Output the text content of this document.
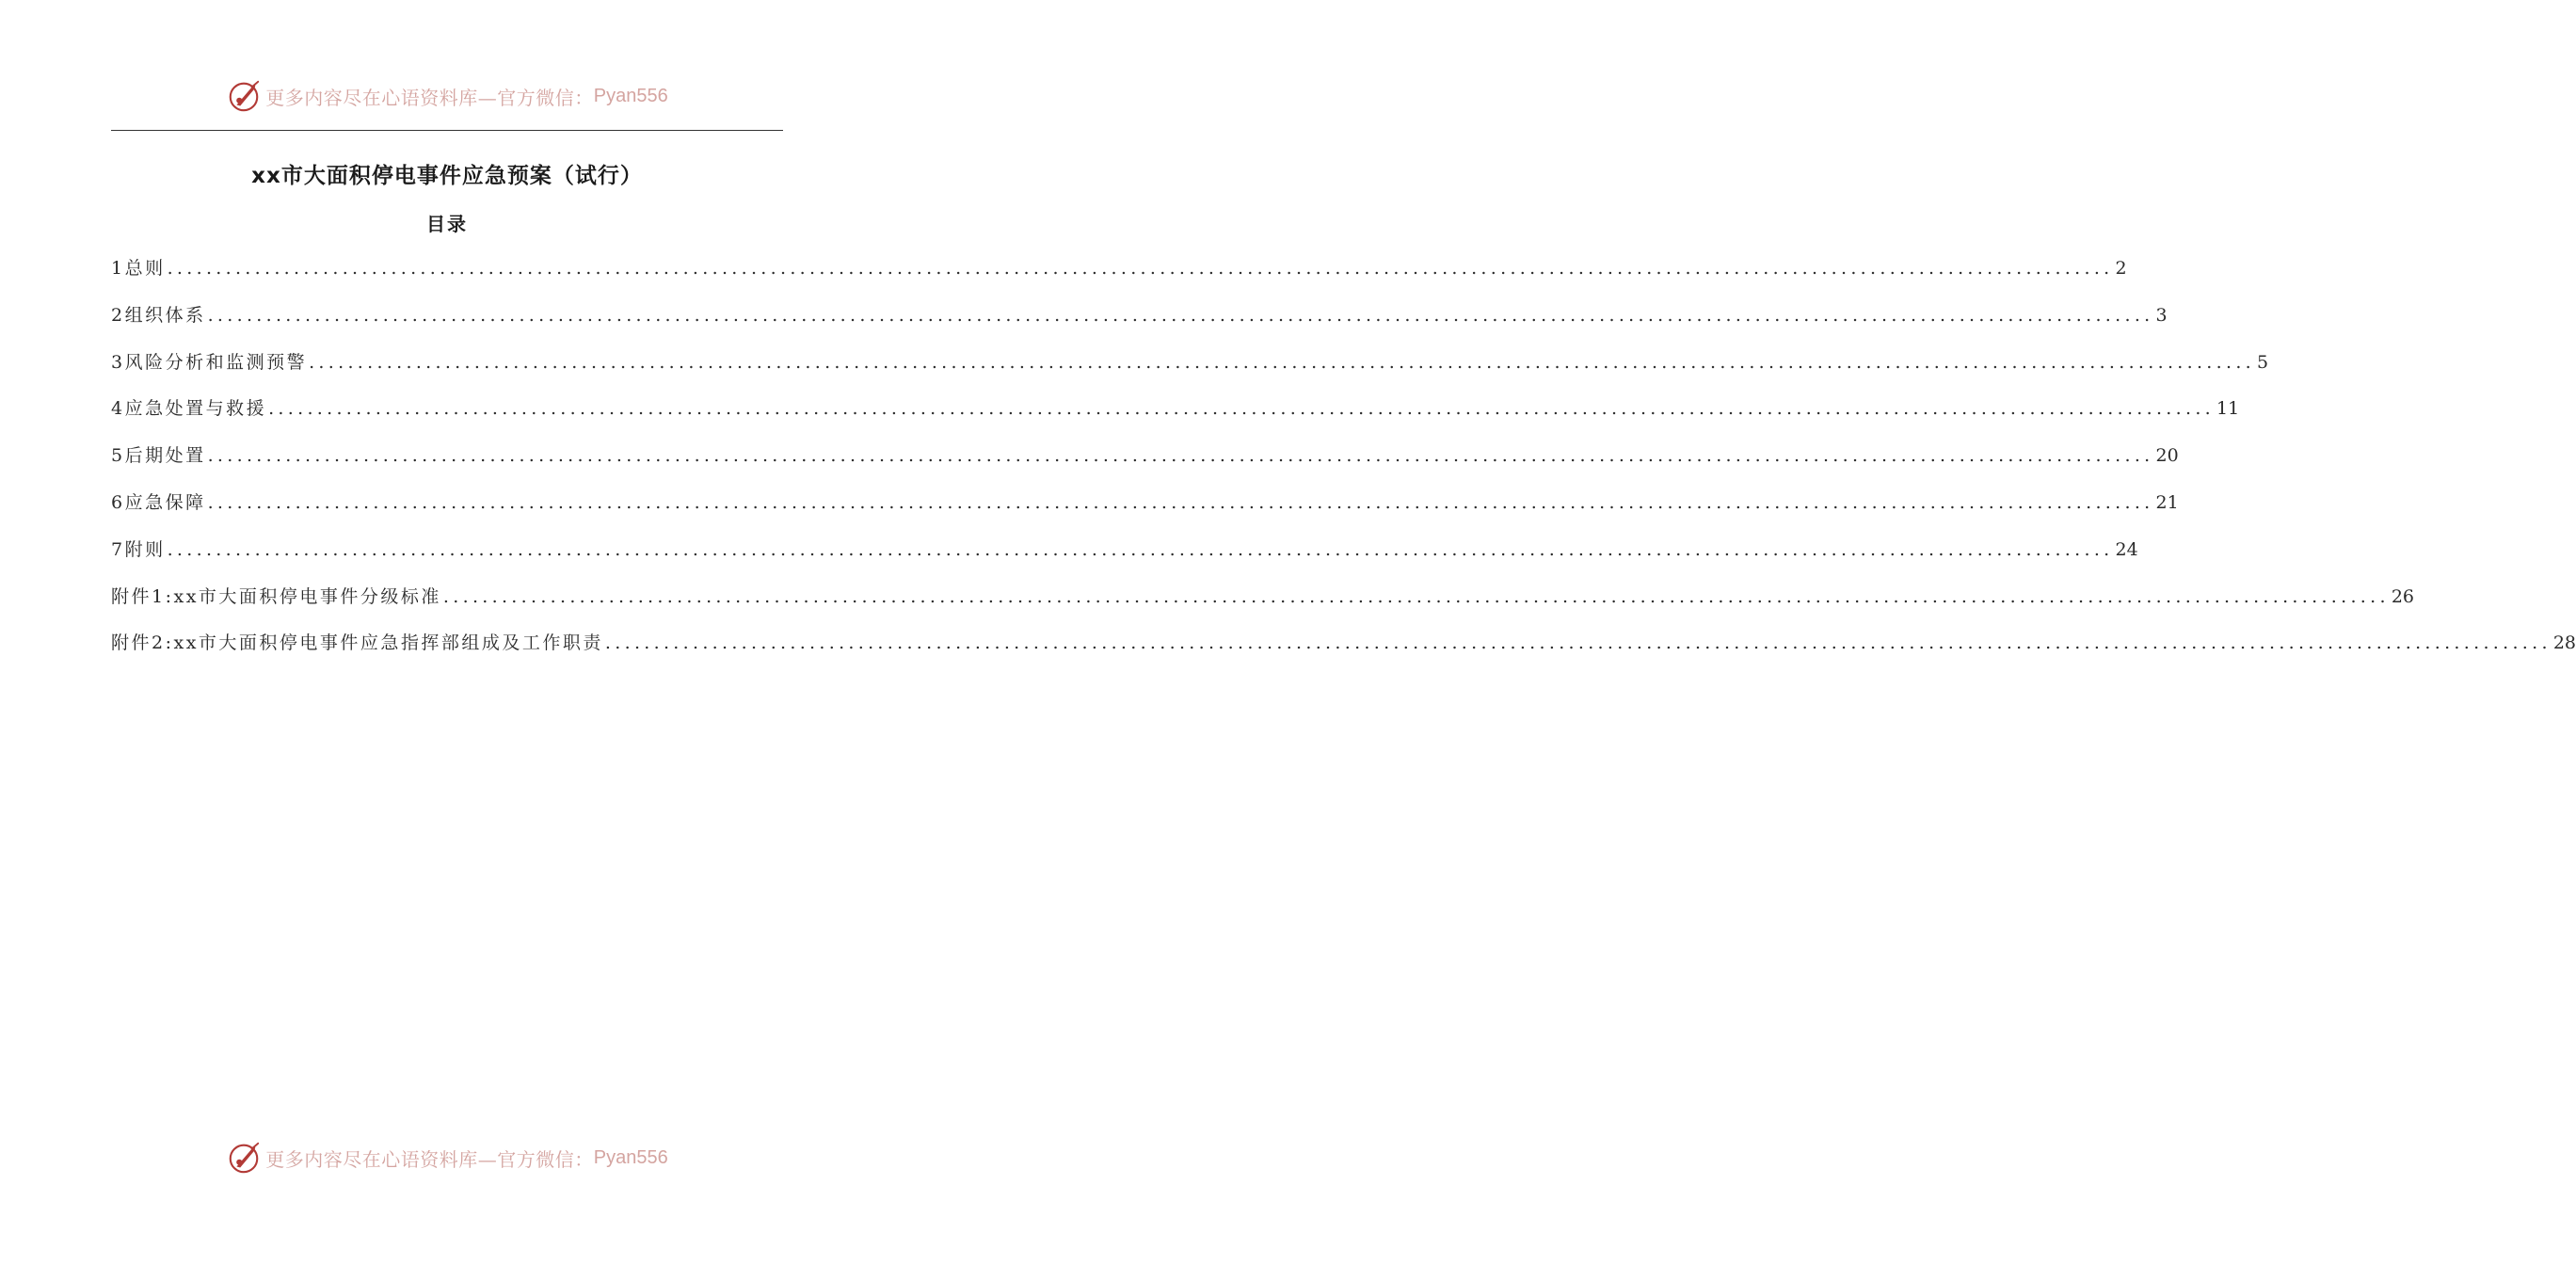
更多内容尽在心语资料库—官方微信： Pyan556
xx市大面积停电事件应急预案（试行）
目录
1总则 ........................................................................................................................................................................................................ 2
2组织体系 ........................................................................................................................................................................................................ 3
3风险分析和监测预警 ........................................................................................................................................................................................................ 5
4应急处置与救援 ........................................................................................................................................................................................................ 11
5后期处置 ........................................................................................................................................................................................................ 20
6应急保障 ........................................................................................................................................................................................................ 21
7附则 ........................................................................................................................................................................................................ 24
附件1:xx市大面积停电事件分级标准 ........................................................................................................................................................................................................ 26
附件2:xx市大面积停电事件应急指挥部组成及工作职责 ........................................................................................................................................................................................................ 28
更多内容尽在心语资料库—官方微信： Pyan556
